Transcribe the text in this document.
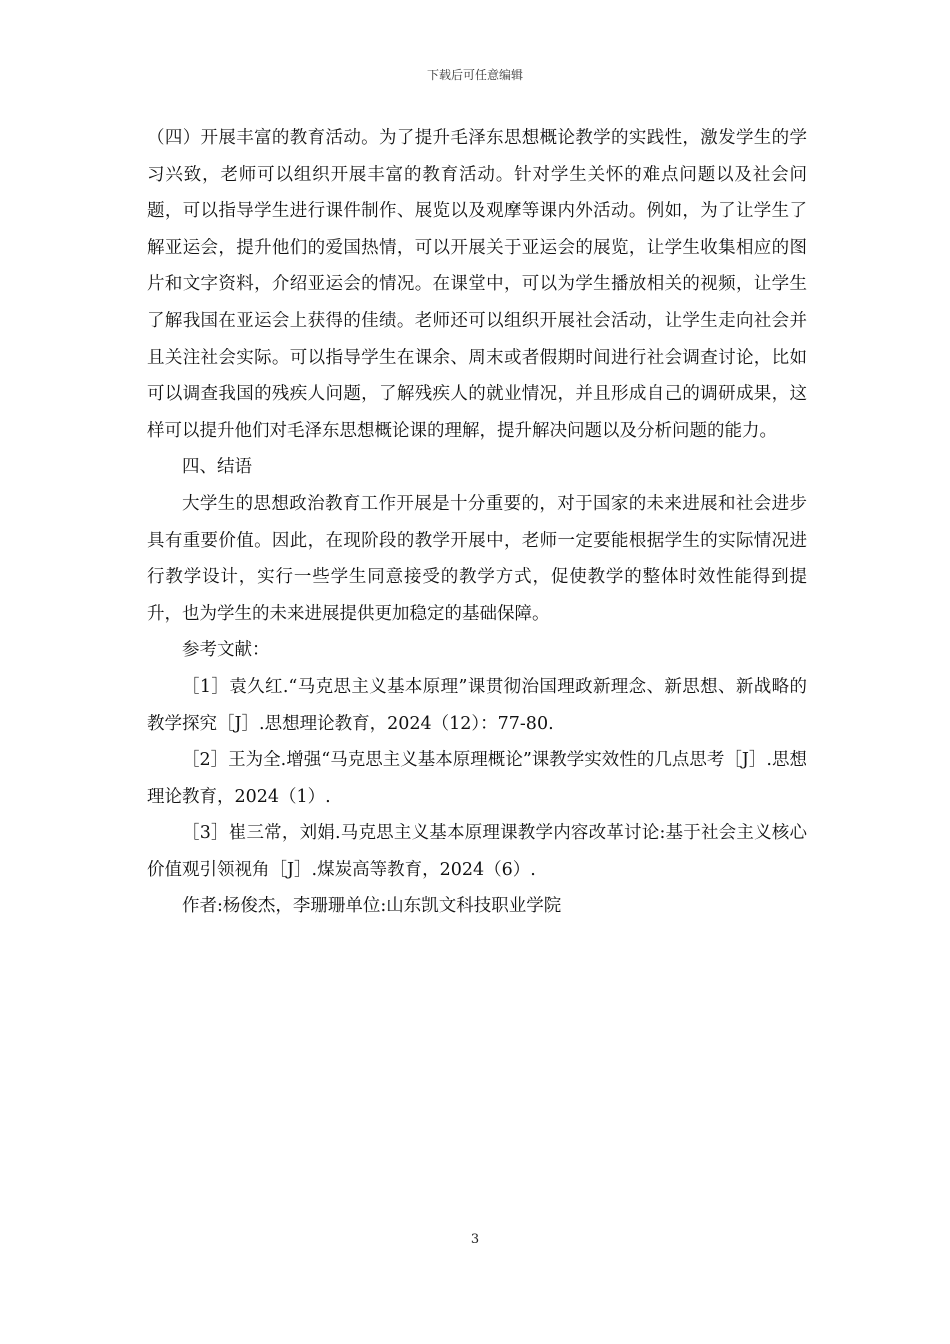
下载后可任意编辑

（四）开展丰富的教育活动。为了提升毛泽东思想概论教学的实践性，激发学生的学习兴致，老师可以组织开展丰富的教育活动。针对学生关怀的难点问题以及社会问题，可以指导学生进行课件制作、展览以及观摩等课内外活动。例如，为了让学生了解亚运会，提升他们的爱国热情，可以开展关于亚运会的展览，让学生收集相应的图片和文字资料，介绍亚运会的情况。在课堂中，可以为学生播放相关的视频，让学生了解我国在亚运会上获得的佳绩。老师还可以组织开展社会活动，让学生走向社会并且关注社会实际。可以指导学生在课余、周末或者假期时间进行社会调查讨论，比如可以调查我国的残疾人问题，了解残疾人的就业情况，并且形成自己的调研成果，这样可以提升他们对毛泽东思想概论课的理解，提升解决问题以及分析问题的能力。

四、结语

大学生的思想政治教育工作开展是十分重要的，对于国家的未来进展和社会进步具有重要价值。因此，在现阶段的教学开展中，老师一定要能根据学生的实际情况进行教学设计，实行一些学生同意接受的教学方式，促使教学的整体时效性能得到提升，也为学生的未来进展提供更加稳定的基础保障。

参考文献：

［1］袁久红.“马克思主义基本原理”课贯彻治国理政新理念、新思想、新战略的教学探究［J］.思想理论教育，2024（12）：77-80.

［2］王为全.增强“马克思主义基本原理概论”课教学实效性的几点思考［J］.思想理论教育，2024（1）.

［3］崔三常，刘娟.马克思主义基本原理课教学内容改革讨论:基于社会主义核心价值观引领视角［J］.煤炭高等教育，2024（6）.

作者:杨俊杰，李珊珊单位:山东凯文科技职业学院

3
